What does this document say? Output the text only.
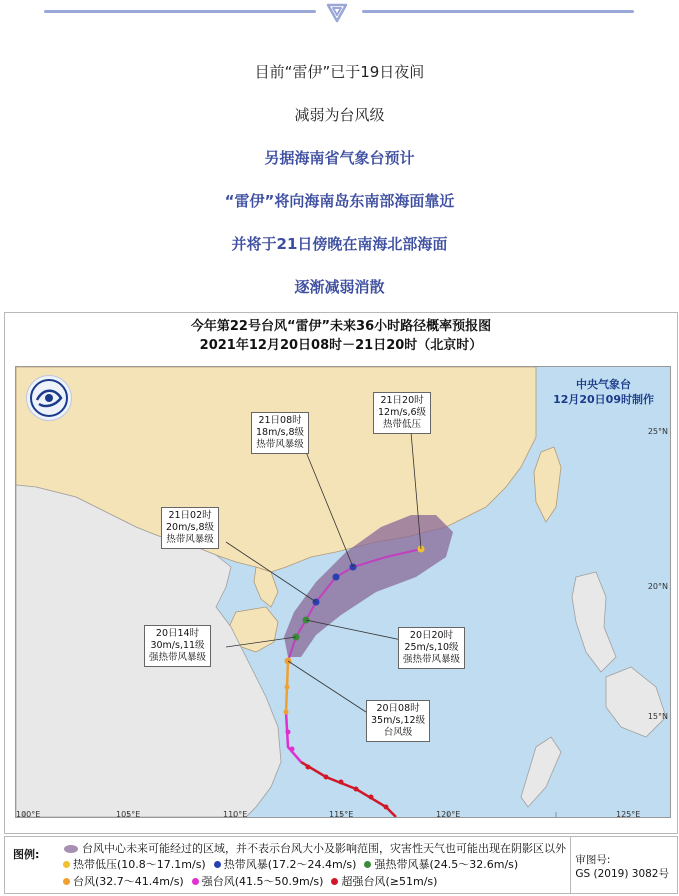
目前“雷伊”已于19日夜间
减弱为台风级
另据海南省气象台预计
“雷伊”将向海南岛东南部海面靠近
并将于21日傍晚在南海北部海面
逐渐减弱消散
今年第22号台风“雷伊”未来36小时路径概率预报图
2021年12月20日08时－21日20时（北京时）
中央气象台
12月20日09时制作
21日20时
12m/s,6级
热带低压
21日08时
18m/s,8级
热带风暴级
21日02时
20m/s,8级
热带风暴级
20日14时
30m/s,11级
强热带风暴级
20日20时
25m/s,10级
强热带风暴级
20日08时
35m/s,12级
台风级
100°E	105°E	110°E	115°E	120°E	125°E
25°N
20°N
15°N
图例:	台风中心未来可能经过的区域，并不表示台风大小及影响范围，灾害性天气也可能出现在阴影区以外
热带低压(10.8～17.1m/s) 热带风暴(17.2～24.4m/s) 强热带风暴(24.5～32.6m/s)
台风(32.7～41.4m/s) 强台风(41.5～50.9m/s) 超强台风(≥51m/s)
审图号:
GS (2019) 3082号
